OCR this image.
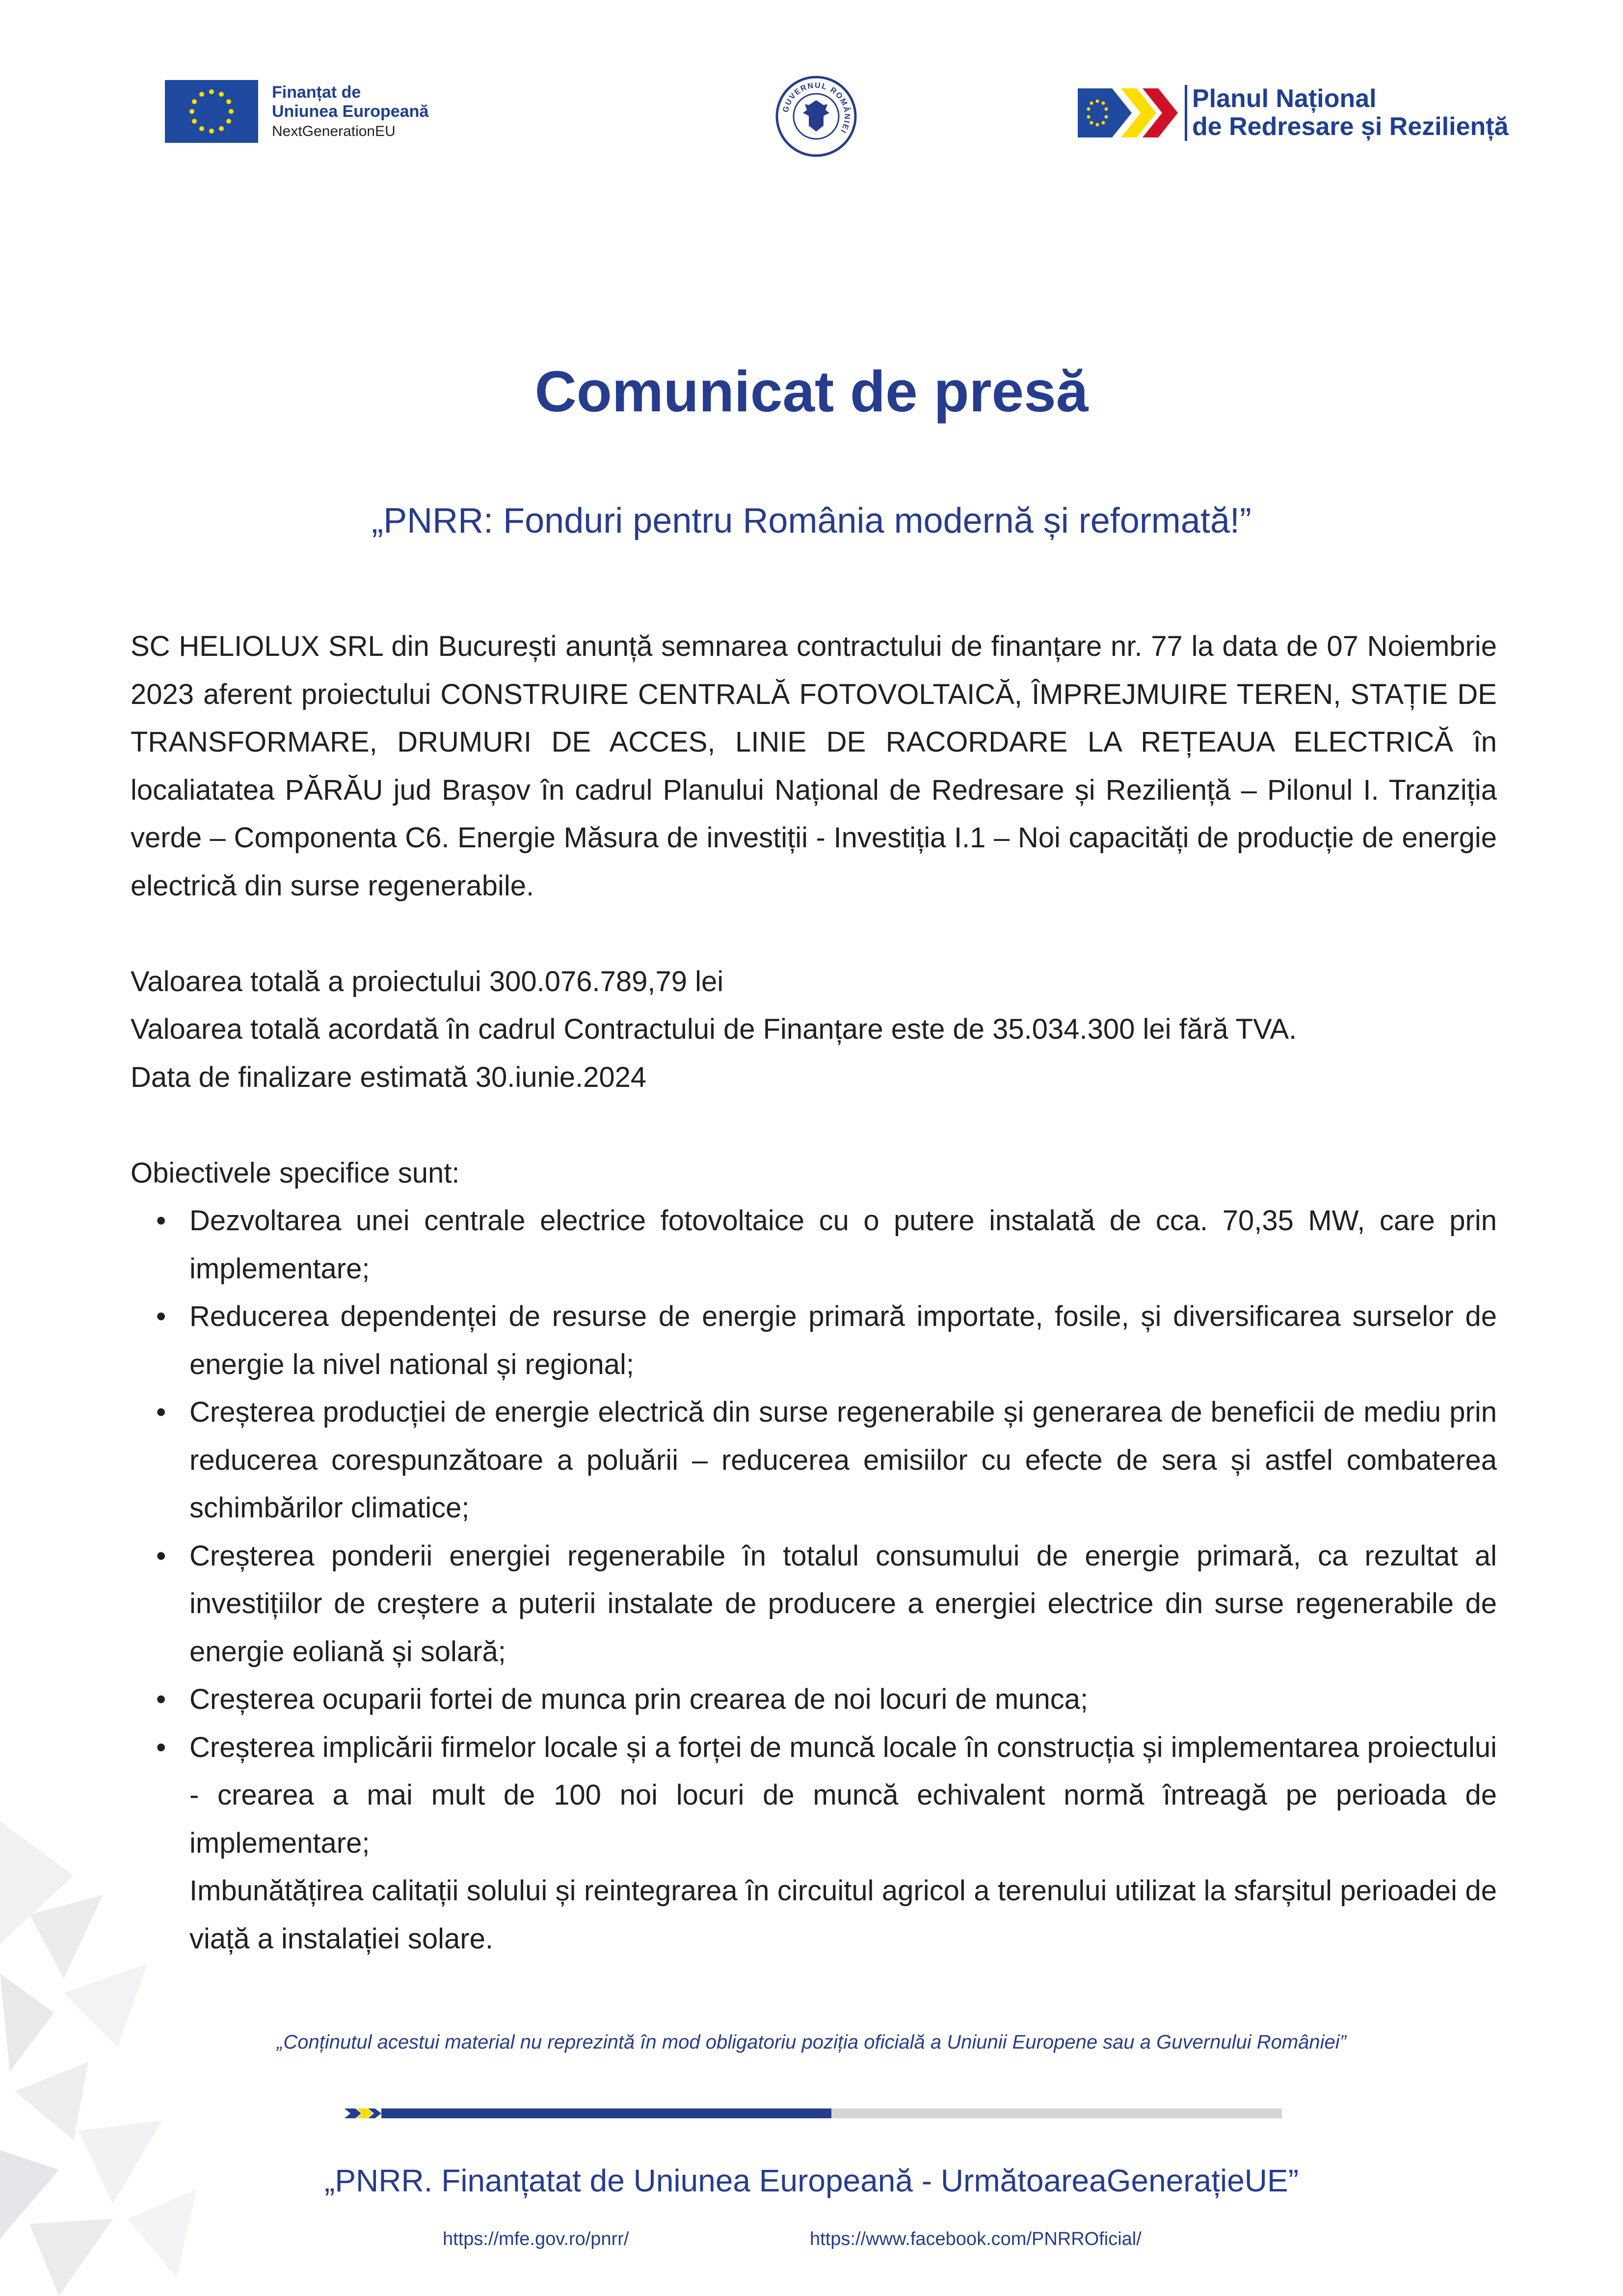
Finanțat de
Uniunea Europeană
NextGenerationEU
GUVERNUL ROMÂNIEI
Planul Național
de Redresare și Reziliență
Comunicat de presă
„PNRR: Fonduri pentru România modernă și reformată!”

SC HELIOLUX SRL din București anunță semnarea contractului de finanțare nr. 77 la data de 07 Noiembrie 2023 aferent proiectului CONSTRUIRE CENTRALĂ FOTOVOLTAICĂ, ÎMPREJMUIRE TEREN, STAȚIE DE TRANSFORMARE, DRUMURI DE ACCES, LINIE DE RACORDARE LA REȚEAUA ELECTRICĂ în localiatatea PĂRĂU jud Brașov în cadrul Planului Național de Redresare și Reziliență – Pilonul I. Tranziția verde – Componenta C6. Energie Măsura de investiții - Investiția I.1 – Noi capacități de producție de energie electrică din surse regenerabile.

Valoarea totală a proiectului 300.076.789,79 lei

Valoarea totală acordată în cadrul Contractului de Finanțare este de 35.034.300 lei fără TVA.

Data de finalizare estimată 30.iunie.2024

Obiectivele specifice sunt:

• Dezvoltarea unei centrale electrice fotovoltaice cu o putere instalată de cca. 70,35 MW, care prin implementare;
• Reducerea dependenței de resurse de energie primară importate, fosile, și diversificarea surselor de energie la nivel national și regional;
• Creșterea producției de energie electrică din surse regenerabile și generarea de beneficii de mediu prin reducerea corespunzătoare a poluării – reducerea emisiilor cu efecte de sera și astfel combaterea schimbărilor climatice;
• Creșterea ponderii energiei regenerabile în totalul consumului de energie primară, ca rezultat al investițiilor de creștere a puterii instalate de producere a energiei electrice din surse regenerabile de energie eoliană și solară;
• Creșterea ocuparii fortei de munca prin crearea de noi locuri de munca;
• Creșterea implicării firmelor locale și a forței de muncă locale în construcția și implementarea proiectului - crearea a mai mult de 100 noi locuri de muncă echivalent normă întreagă pe perioada de implementare;

Imbunătățirea calitații solului și reintegrarea în circuitul agricol a terenului utilizat la sfarșitul perioadei de viață a instalației solare.

„Conținutul acestui material nu reprezintă în mod obligatoriu poziția oficială a Uniunii Europene sau a Guvernului României”
„PNRR. Finanțatat de Uniunea Europeană - UrmătoareaGenerațieUE”
https://mfe.gov.ro/pnrr/	https://www.facebook.com/PNRROficial/
